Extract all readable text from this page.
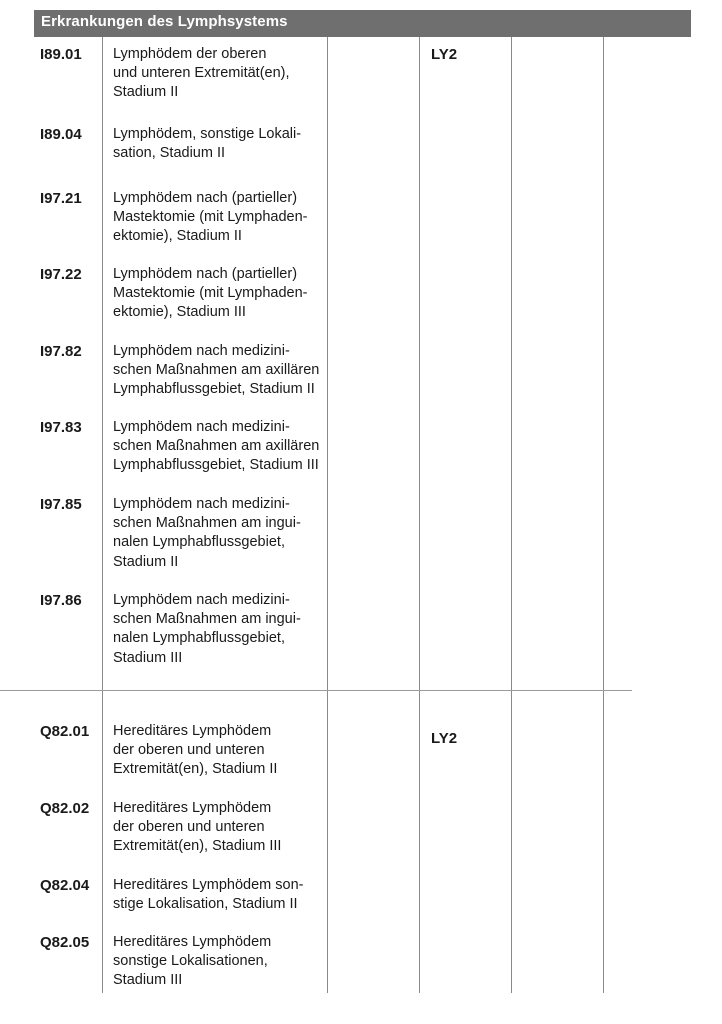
Erkrankungen des Lymphsystems
LY2
I89.01 Lymphödem der oberen
und unteren Extremität(en),
Stadium II
I89.04 Lymphödem, sonstige Lokali-
sation, Stadium II
I97.21 Lymphödem nach (partieller)
Mastektomie (mit Lymphaden-
ektomie), Stadium II
I97.22 Lymphödem nach (partieller)
Mastektomie (mit Lymphaden-
ektomie), Stadium III
I97.82 Lymphödem nach medizini-
schen Maßnahmen am axillären
Lymphabflussgebiet, Stadium II
I97.83 Lymphödem nach medizini-
schen Maßnahmen am axillären
Lymphabflussgebiet, Stadium III
I97.85 Lymphödem nach medizini-
schen Maßnahmen am ingui-
nalen Lymphabflussgebiet,
Stadium II
I97.86 Lymphödem nach medizini-
schen Maßnahmen am ingui-
nalen Lymphabflussgebiet,
Stadium III
LY2
Q82.01 Hereditäres Lymphödem
der oberen und unteren
Extremität(en), Stadium II
Q82.02 Hereditäres Lymphödem
der oberen und unteren
Extremität(en), Stadium III
Q82.04 Hereditäres Lymphödem son-
stige Lokalisation, Stadium II
Q82.05 Hereditäres Lymphödem
sonstige Lokalisationen,
Stadium III
